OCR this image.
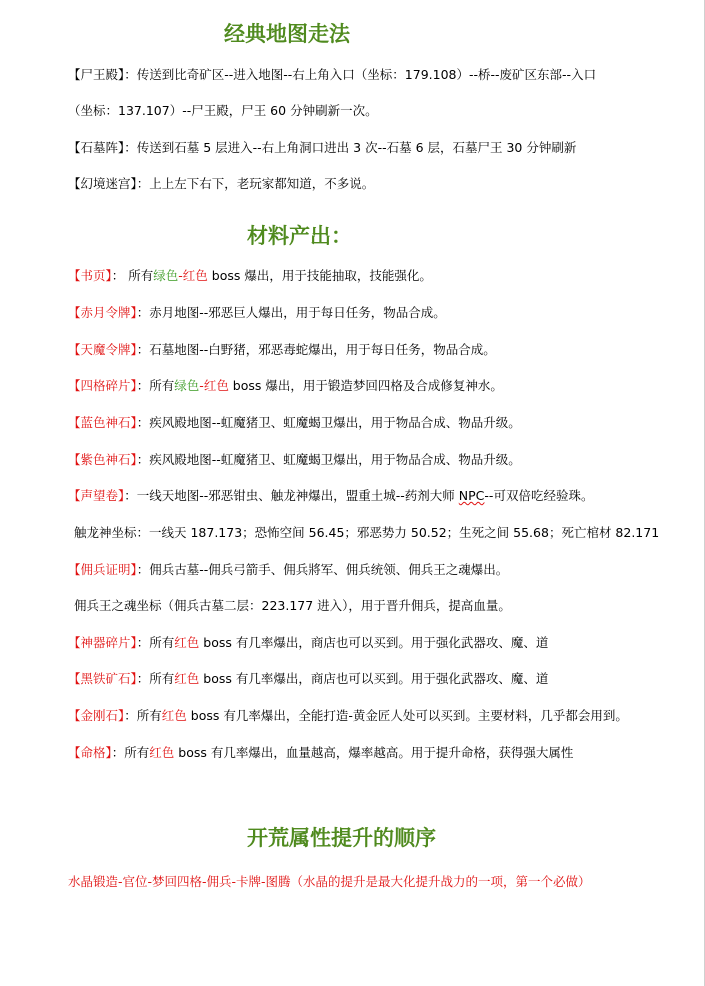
经典地图走法
【尸王殿】：传送到比奇矿区--进入地图--右上角入口（坐标：179.108）--桥--废矿区东部--入口
（坐标：137.107）--尸王殿，尸王 60 分钟刷新一次。
【石墓阵】：传送到石墓 5 层进入--右上角洞口进出 3 次--石墓 6 层，石墓尸王 30 分钟刷新
【幻境迷宫】：上上左下右下，老玩家都知道，不多说。
材料产出：
【书页】： 所有绿色-红色 boss 爆出，用于技能抽取，技能强化。
【赤月令牌】：赤月地图--邪恶巨人爆出，用于每日任务，物品合成。
【天魔令牌】：石墓地图--白野猪，邪恶毒蛇爆出，用于每日任务，物品合成。
【四格碎片】：所有绿色-红色 boss 爆出，用于锻造梦回四格及合成修复神水。
【蓝色神石】：疾风殿地图--虹魔猪卫、虹魔蝎卫爆出，用于物品合成、物品升级。
【紫色神石】：疾风殿地图--虹魔猪卫、虹魔蝎卫爆出，用于物品合成、物品升级。
【声望卷】：一线天地图--邪恶钳虫、触龙神爆出，盟重土城--药剂大师 NPC--可双倍吃经验珠。
触龙神坐标：一线天 187.173；恐怖空间 56.45；邪恶势力 50.52；生死之间 55.68；死亡棺材 82.171
【佣兵证明】：佣兵古墓--佣兵弓箭手、佣兵將军、佣兵统领、佣兵王之魂爆出。
佣兵王之魂坐标（佣兵古墓二层：223.177 进入），用于晋升佣兵，提高血量。
【神器碎片】：所有红色 boss 有几率爆出，商店也可以买到。用于强化武器攻、魔、道
【黑铁矿石】：所有红色 boss 有几率爆出，商店也可以买到。用于强化武器攻、魔、道
【金刚石】：所有红色 boss 有几率爆出，全能打造-黄金匠人处可以买到。主要材料，几乎都会用到。
【命格】：所有红色 boss 有几率爆出，血量越高，爆率越高。用于提升命格，获得强大属性
开荒属性提升的顺序
水晶锻造-官位-梦回四格-佣兵-卡牌-图腾（水晶的提升是最大化提升战力的一项，第一个必做）
